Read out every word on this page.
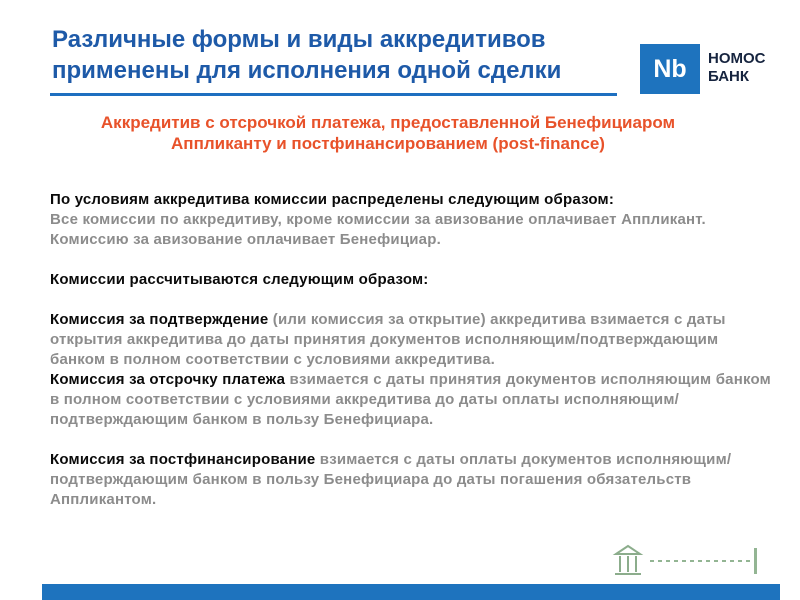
Различные формы и виды аккредитивов применены для исполнения одной сделки	Nb	НОМОС
БАНК
Аккредитив с отсрочкой платежа, предоставленной Бенефициаром Аппликанту и постфинансированием (post-finance)

По условиям аккредитива комиссии распределены следующим образом:

Все комиссии по аккредитиву, кроме комиссии за авизование оплачивает Аппликант.

Комиссию за авизование оплачивает Бенефициар.

Комиссии рассчитываются следующим образом:

Комиссия за подтверждение (или комиссия за открытие) аккредитива взимается с даты открытия аккредитива до даты принятия документов исполняющим/подтверждающим банком в полном соответствии с условиями аккредитива.

Комиссия за отсрочку платежа взимается с даты принятия документов исполняющим банком в полном соответствии с условиями аккредитива до даты оплаты исполняющим/подтверждающим банком в пользу Бенефициара.

Комиссия за постфинансирование взимается с даты оплаты документов исполняющим/подтверждающим банком в пользу Бенефициара до даты погашения обязательств Аппликантом.
